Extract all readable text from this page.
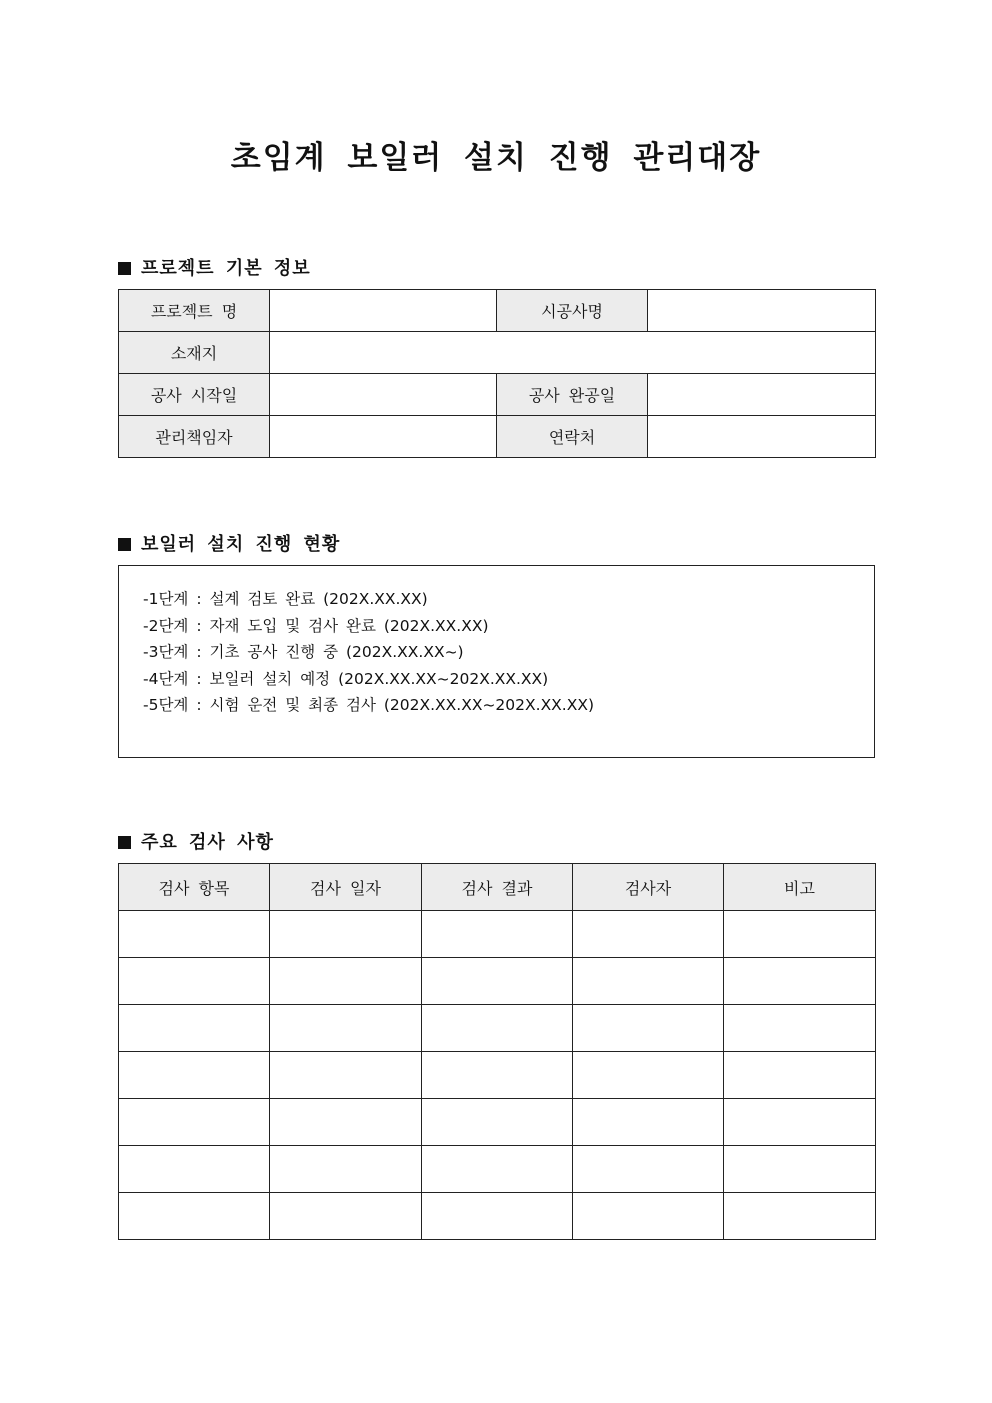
초임계 보일러 설치 진행 관리대장
프로젝트 기본 정보
프로젝트 명		시공사명	
소재지			
공사 시작일		공사 완공일	
관리책임자		연락처	
보일러 설치 진행 현황
-1단계 : 설계 검토 완료 (202X.XX.XX)
-2단계 : 자재 도입 및 검사 완료 (202X.XX.XX)
-3단계 : 기초 공사 진행 중 (202X.XX.XX~)
-4단계 : 보일러 설치 예정 (202X.XX.XX~202X.XX.XX)
-5단계 : 시험 운전 및 최종 검사 (202X.XX.XX~202X.XX.XX)
주요 검사 사항
검사 항목	검사 일자	검사 결과	검사자	비고
